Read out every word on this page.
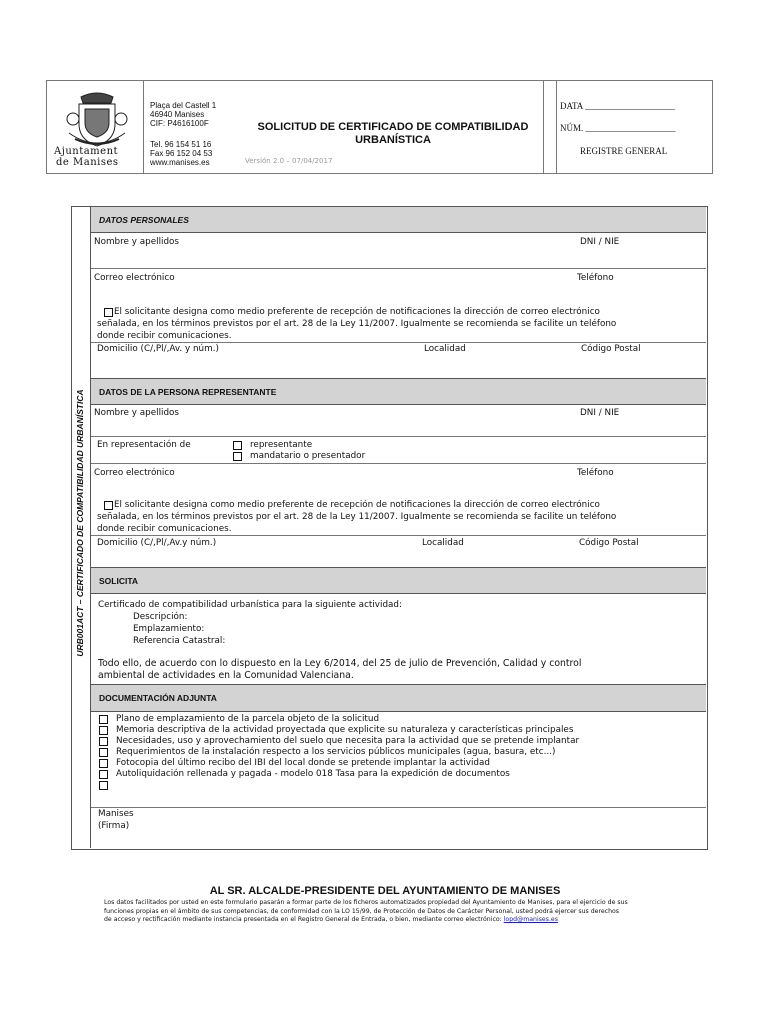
Ajuntament
de Manises
Plaça del Castell 1
46940 Manises
CIF: P4616100F
Tel. 96 154 51 16
Fax 96 152 04 53
www.manises.es
SOLICITUD DE CERTIFICADO DE COMPATIBILIDAD
URBANÍSTICA
Versión 2.0 – 07/04/2017
DATA ____________________
NÚM. ____________________
REGISTRE GENERAL
URB001ACT – CERTIFICADO DE COMPATIBILIDAD URBANÍSTICA
DATOS PERSONALES
Nombre y apellidos	DNI / NIE
Correo electrónico	Teléfono
El solicitante designa como medio preferente de recepción de notificaciones la dirección de correo electrónico
señalada, en los términos previstos por el art. 28 de la Ley 11/2007. Igualmente se recomienda se facilite un teléfono
donde recibir comunicaciones.
Domicilio (C/,Pl/,Av. y núm.)	Localidad	Código Postal
DATOS DE LA PERSONA REPRESENTANTE
Nombre y apellidos	DNI / NIE
En representación de	representante
mandatario o presentador
Correo electrónico	Teléfono
El solicitante designa como medio preferente de recepción de notificaciones la dirección de correo electrónico
señalada, en los términos previstos por el art. 28 de la Ley 11/2007. Igualmente se recomienda se facilite un teléfono
donde recibir comunicaciones.
Domicilio (C/,Pl/,Av.y núm.)	Localidad	Código Postal
SOLICITA
Certificado de compatibilidad urbanística para la siguiente actividad:
Descripción:
Emplazamiento:
Referencia Catastral:
Todo ello, de acuerdo con lo dispuesto en la Ley 6/2014, del 25 de julio de Prevención, Calidad y control
ambiental de actividades en la Comunidad Valenciana.
DOCUMENTACIÓN ADJUNTA
Plano de emplazamiento de la parcela objeto de la solicitud
Memoria descriptiva de la actividad proyectada que explicite su naturaleza y características principales
Necesidades, uso y aprovechamiento del suelo que necesita para la actividad que se pretende implantar
Requerimientos de la instalación respecto a los servicios públicos municipales (agua, basura, etc...)
Fotocopia del último recibo del IBI del local donde se pretende implantar la actividad
Autoliquidación rellenada y pagada - modelo 018 Tasa para la expedición de documentos
Manises
(Firma)
AL SR. ALCALDE-PRESIDENTE DEL AYUNTAMIENTO DE MANISES
Los datos facilitados por usted en este formulario pasarán a formar parte de los ficheros automatizados propiedad del Ayuntamiento de Manises, para el ejercicio de sus
funciones propias en el ámbito de sus competencias, de conformidad con la LO 15/99, de Protección de Datos de Carácter Personal, usted podrá ejercer sus derechos
de acceso y rectificación mediante instancia presentada en el Registro General de Entrada, o bien, mediante correo electrónico: lopd@manises.es
